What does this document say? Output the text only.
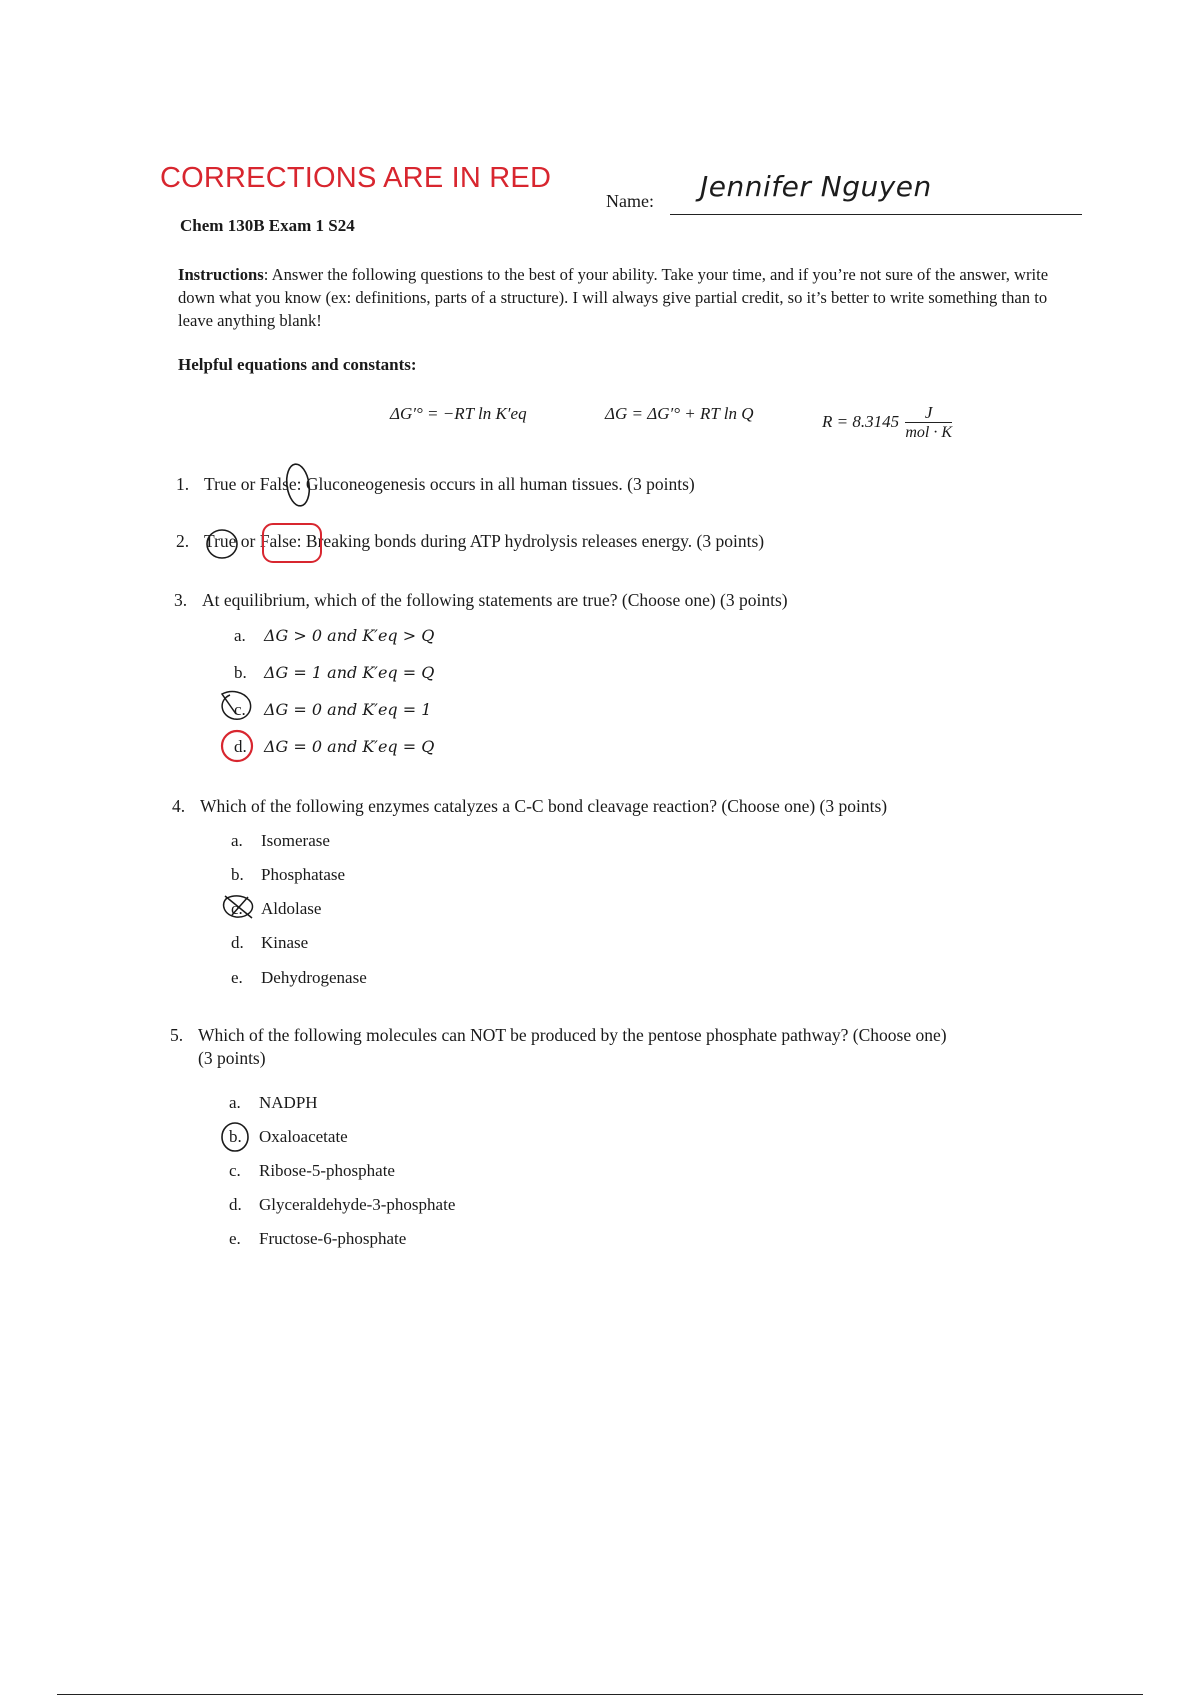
CORRECTIONS ARE IN RED
Name: Jennifer Nguyen
Chem 130B Exam 1 S24
Instructions: Answer the following questions to the best of your ability. Take your time, and if you’re not sure of the answer, write down what you know (ex: definitions, parts of a structure). I will always give partial credit, so it’s better to write something than to leave anything blank!
Helpful equations and constants:
ΔG′° = −RT ln K′eq	ΔG = ΔG′° + RT ln Q	$R = 8.3145 \frac{J}{\text{mol · K}}$
1. True or False: Gluconeogenesis occurs in all human tissues. (3 points)
2. True or False: Breaking bonds during ATP hydrolysis releases energy. (3 points)
3. At equilibrium, which of the following statements are true? (Choose one) (3 points)
a. ΔG > 0 and K′eq > Q
b. ΔG = 1 and K′eq = Q
c. ΔG = 0 and K′eq = 1
d. ΔG = 0 and K′eq = Q
4. Which of the following enzymes catalyzes a C-C bond cleavage reaction? (Choose one) (3 points)
a. Isomerase
b. Phosphatase
c. Aldolase
d. Kinase
e. Dehydrogenase
5. Which of the following molecules can NOT be produced by the pentose phosphate pathway? (Choose one)
(3 points)
a. NADPH
b. Oxaloacetate
c. Ribose-5-phosphate
d. Glyceraldehyde-3-phosphate
e. Fructose-6-phosphate
